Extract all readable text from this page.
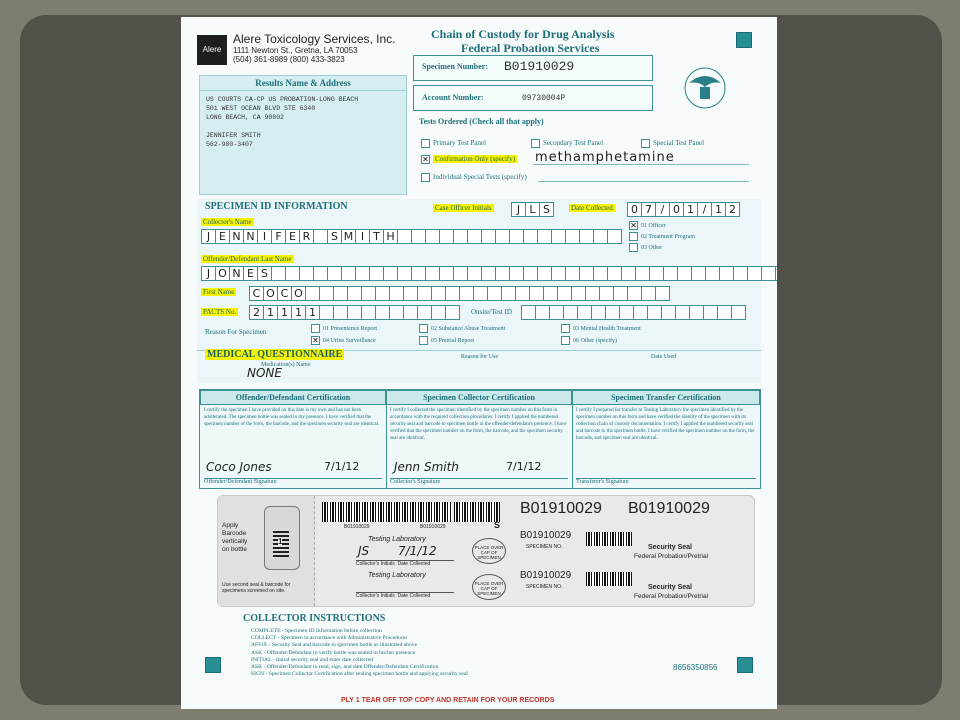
Alere
Alere Toxicology Services, Inc.
1111 Newton St., Gretna, LA 70053
(504) 361-8989 (800) 433-3823
Chain of Custody for Drug Analysis
Federal Probation Services
Results Name & Address
US COURTS CA-CP US PROBATION-LONG BEACH
501 WEST OCEAN BLVD STE 6340
LONG BEACH, CA 90802

JENNIFER SMITH
562-980-3407
Specimen Number: B01910029
Account Number:	09730004P
Tests Ordered (Check all that apply)
Primary Test Panel	Secondary Test Panel	Special Test Panel
✕ Confirmation Only (specify) methamphetamine
Individual Special Tests (specify)
SPECIMEN ID INFORMATION	Case Officer Initials	J L S	Date Collected	0 7 / 0 1 / 1 2
Collector's Name
J E N N I F E R	S M I T H
✕ 01 Officer
02 Treatment Program
03 Other
Offender/Defendant Last Name
J O N E S
First Name	C O C O
PACTS No.	2 1 1 1 1	Onsite/Test ID
Reason For Specimen	01 Presentence Report
✕ 04 Urine Surveillance
02 Substance Abuse Treatment
05 Pretrial Report
03 Mental Health Treatment
06 Other (specify)
MEDICAL QUESTIONNAIRE
Medication(s) Name
NONE
Reason for Use	Date Used
Offender/Defendant Certification
I certify the specimen I have provided on this date is my own and has not been adulterated. The specimen bottle was sealed in my presence. I have verified that the specimen number of the form, the barcode, and the specimen security seal are identical.
Coco Jones	7/1/12
Offender/Defendant Signature
Specimen Collector Certification
I certify I collected the specimen identified by the specimen number on this form in accordance with the required collection procedures. I certify I applied the numbered security seal and barcode to specimen bottle in the offender/defendant's presence. I have verified that the specimen number on the form, the barcode, and the specimen security seal are identical.
Jenn Smith	7/1/12
Collector's Signature
Specimen Transfer Certification
I certify I prepared for transfer to Testing Laboratory the specimen identified by the specimen number on this form and have verified the identity of the specimen with its collection chain of custody documentation. I certify I applied the numbered security seal and barcode to the specimen bottle. I have verified the specimen number on the form, the barcode, and specimen seal are identical.
Transferer's Signature
Apply Barcode vertically on bottle
1
Use second seal & barcode for specimens screened on site.
B01910029	B01910029	S
B01910029 B01910029
Testing Laboratory
JS 7/1/12
Collector's Initials Date Collected
PLACE OVER CAP OF SPECIMEN
Testing Laboratory
Collector's Initials Date Collected
PLACE OVER CAP OF SPECIMEN
B01910029
SPECIMEN NO.	Security Seal
Federal Probation/Pretrial
B01910029
SPECIMEN NO.	Security Seal
Federal Probation/Pretrial
COLLECTOR INSTRUCTIONS
COMPLETE - Specimen ID Information before collection
COLLECT - Specimen in accordance with Administrative Procedures
AFFIX - Security Seal and barcode to specimen bottle as illustrated above
ASK - Offender/Defendant to verify bottle was sealed in his/her presence
INITIAL - Initial security seal and enter date collected
ASK - Offender/Defendant to read, sign, and date Offender/Defendant Certification
SIGN - Specimen Collector Certification after sealing specimen bottle and applying security seal
8656350856
PLY 1 TEAR OFF TOP COPY AND RETAIN FOR YOUR RECORDS
